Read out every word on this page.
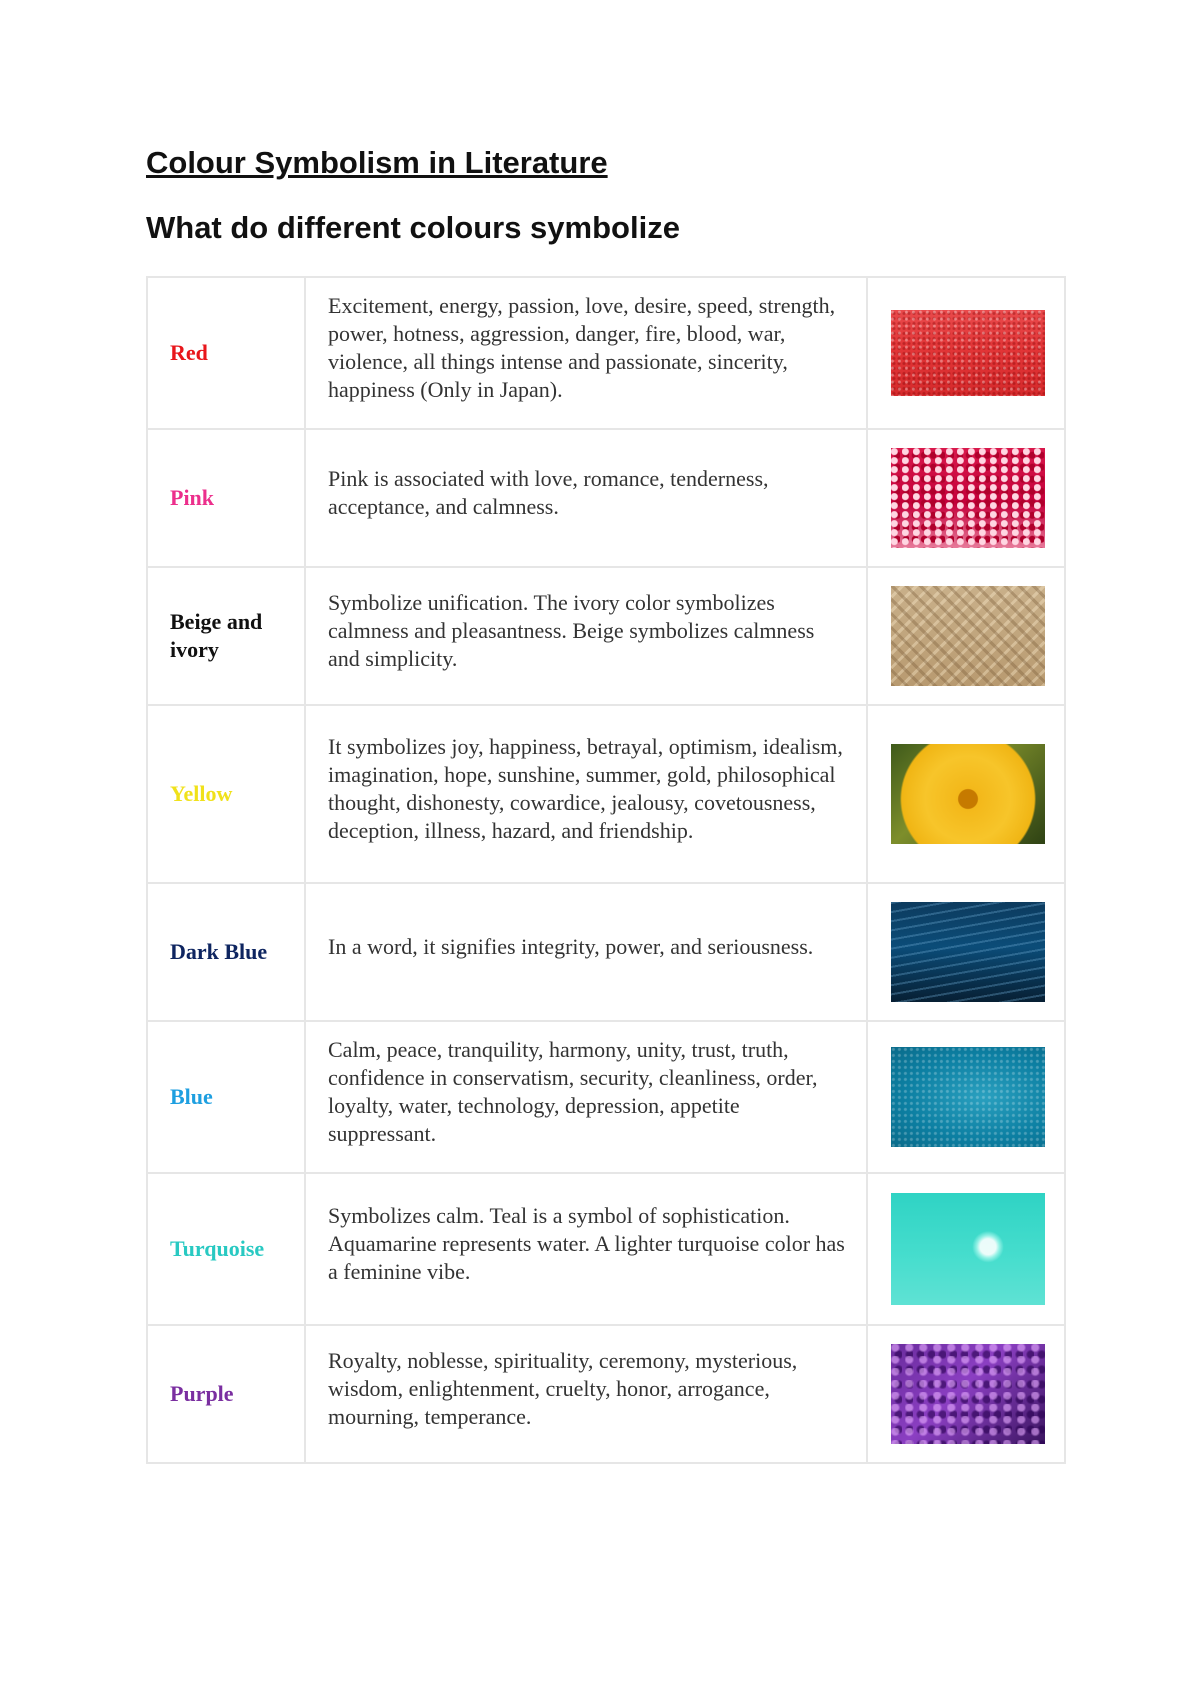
Colour Symbolism in Literature
What do different colours symbolize
Red	Excitement, energy, passion, love, desire, speed, strength, power, hotness, aggression, danger, fire, blood, war, violence, all things intense and passionate, sincerity, happiness (Only in Japan).	

Pink	Pink is associated with love, romance, tenderness, acceptance, and calmness.	

Beige and ivory	Symbolize unification. The ivory color symbolizes calmness and pleasantness. Beige symbolizes calmness and simplicity.	

Yellow	It symbolizes joy, happiness, betrayal, optimism, idealism, imagination, hope, sunshine, summer, gold, philosophical thought, dishonesty, cowardice, jealousy, covetousness, deception, illness, hazard, and friendship.	

Dark Blue	In a word, it signifies integrity, power, and seriousness.	

Blue	Calm, peace, tranquility, harmony, unity, trust, truth, confidence in conservatism, security, cleanliness, order, loyalty, water, technology, depression, appetite suppressant.	

Turquoise	Symbolizes calm. Teal is a symbol of sophistication. Aquamarine represents water. A lighter turquoise color has a feminine vibe.	

Purple	Royalty, noblesse, spirituality, ceremony, mysterious, wisdom, enlightenment, cruelty, honor, arrogance, mourning, temperance.	
